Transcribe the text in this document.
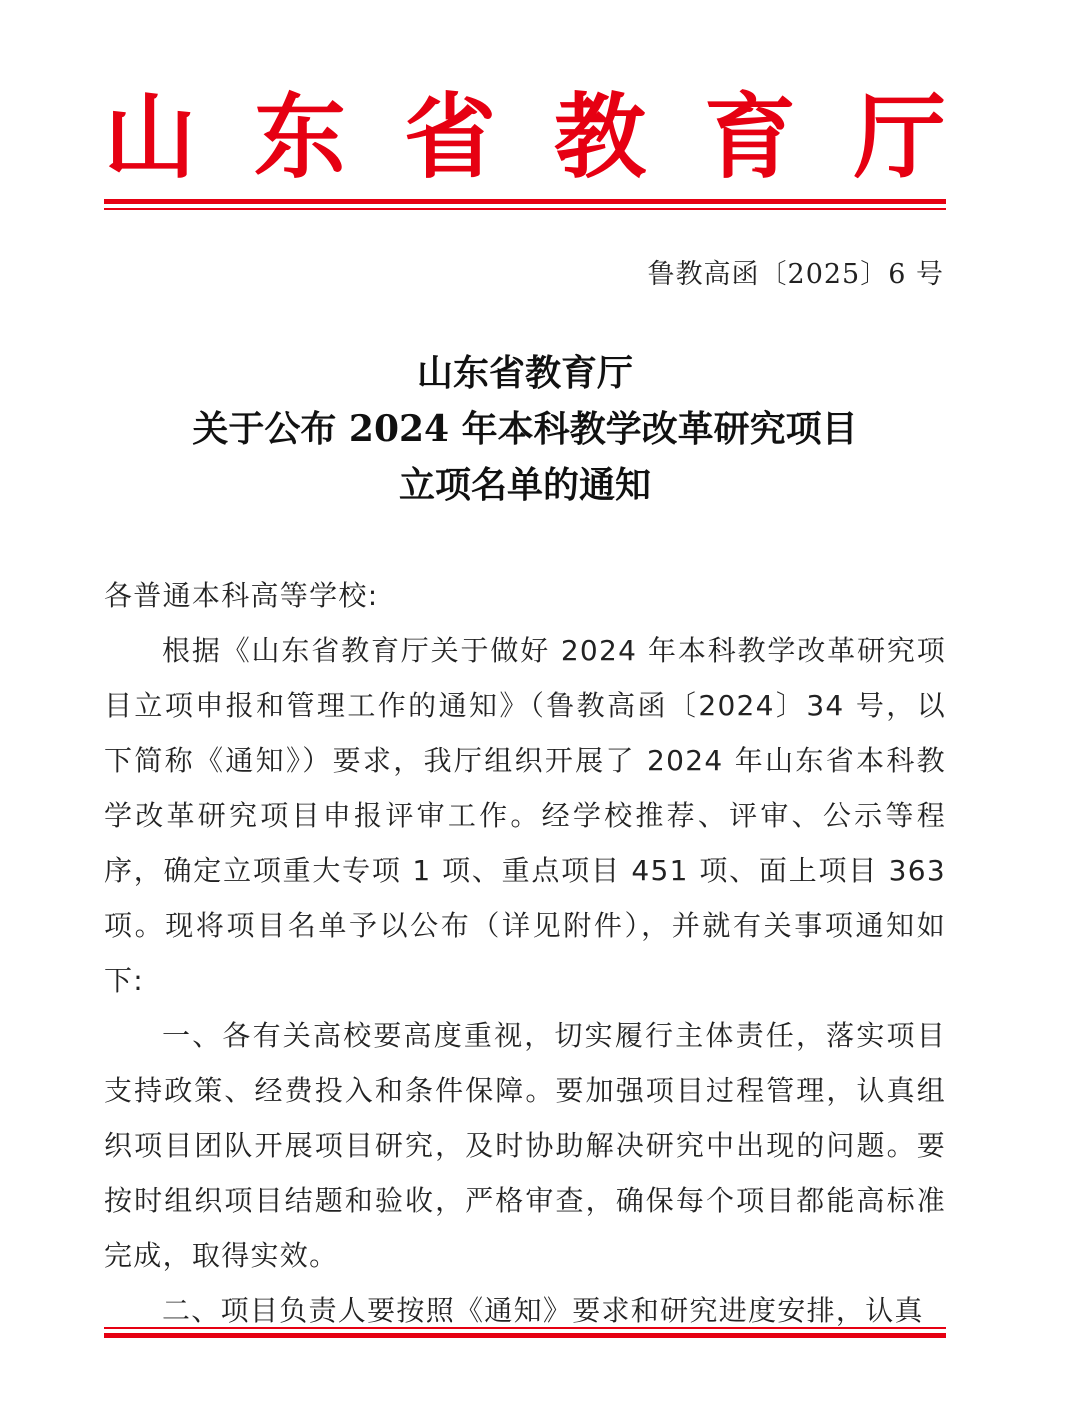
山 东 省 教 育 厅
鲁教高函〔2025〕6 号
山东省教育厅
关于公布 2024 年本科教学改革研究项目
立项名单的通知
各普通本科高等学校:

根据《山东省教育厅关于做好 2024 年本科教学改革研究项目立项申报和管理工作的通知》（鲁教高函〔2024〕34 号，以下简称《通知》）要求，我厅组织开展了 2024 年山东省本科教学改革研究项目申报评审工作。经学校推荐、评审、公示等程序，确定立项重大专项 1 项、重点项目 451 项、面上项目 363 项。现将项目名单予以公布（详见附件），并就有关事项通知如下:

一、各有关高校要高度重视，切实履行主体责任，落实项目支持政策、经费投入和条件保障。要加强项目过程管理，认真组织项目团队开展项目研究，及时协助解决研究中出现的问题。要按时组织项目结题和验收，严格审查，确保每个项目都能高标准完成，取得实效。

二、项目负责人要按照《通知》要求和研究进度安排，认真
